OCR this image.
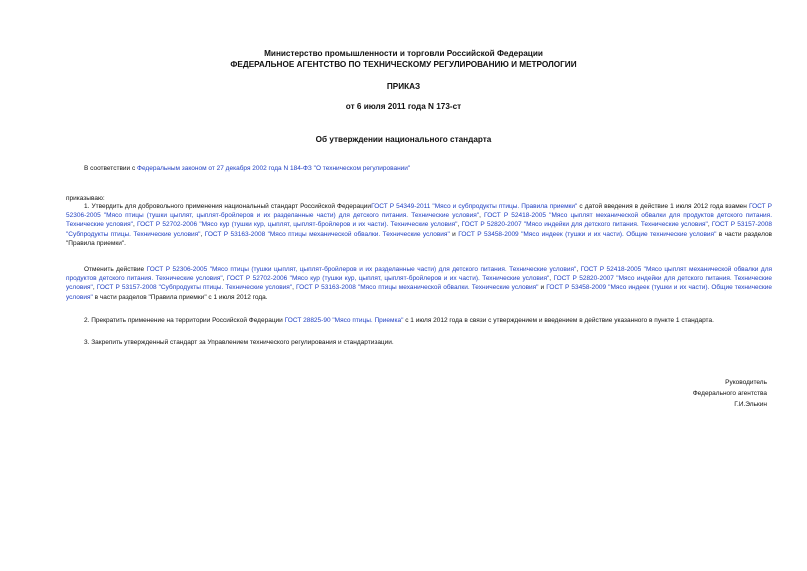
Министерство промышленности и торговли Российской Федерации
ФЕДЕРАЛЬНОЕ АГЕНТСТВО ПО ТЕХНИЧЕСКОМУ РЕГУЛИРОВАНИЮ И МЕТРОЛОГИИ
ПРИКАЗ
от 6 июля 2011 года N 173-ст
Об утверждении национального стандарта

В соответствии с Федеральным законом от 27 декабря 2002 года N 184-ФЗ "О техническом регулировании"

приказываю:

1. Утвердить для добровольного применения национальный стандарт Российской ФедерацииГОСТ Р 54349-2011 "Мясо и субпродукты птицы. Правила приемки" с датой введения в действие 1 июля 2012 года взамен ГОСТ Р 52306-2005 "Мясо птицы (тушки цыплят, цыплят-бройлеров и их разделанные части) для детского питания. Технические условия", ГОСТ Р 52418-2005 "Мясо цыплят механической обвалки для продуктов детского питания. Технические условия", ГОСТ Р 52702-2006 "Мясо кур (тушки кур, цыплят, цыплят-бройлеров и их части). Технические условия", ГОСТ Р 52820-2007 "Мясо индейки для детского питания. Технические условия", ГОСТ Р 53157-2008 "Субпродукты птицы. Технические условия", ГОСТ Р 53163-2008 "Мясо птицы механической обвалки. Технические условия" и ГОСТ Р 53458-2009 "Мясо индеек (тушки и их части). Общие технические условия" в части разделов "Правила приемки".

Отменить действие ГОСТ Р 52306-2005 "Мясо птицы (тушки цыплят, цыплят-бройлеров и их разделанные части) для детского питания. Технические условия", ГОСТ Р 52418-2005 "Мясо цыплят механической обвалки для продуктов детского питания. Технические условия", ГОСТ Р 52702-2006 "Мясо кур (тушки кур, цыплят, цыплят-бройлеров и их части). Технические условия", ГОСТ Р 52820-2007 "Мясо индейки для детского питания. Технические условия", ГОСТ Р 53157-2008 "Субпродукты птицы. Технические условия", ГОСТ Р 53163-2008 "Мясо птицы механической обвалки. Технические условия" и ГОСТ Р 53458-2009 "Мясо индеек (тушки и их части). Общие технические условия" в части разделов "Правила приемки" с 1 июля 2012 года.

2. Прекратить применение на территории Российской Федерации ГОСТ 28825-90 "Мясо птицы. Приемка" с 1 июля 2012 года в связи с утверждением и введением в действие указанного в пункте 1 стандарта.

3. Закрепить утвержденный стандарт за Управлением технического регулирования и стандартизации.

Руководитель
Федерального агентства
Г.И.Элькин
